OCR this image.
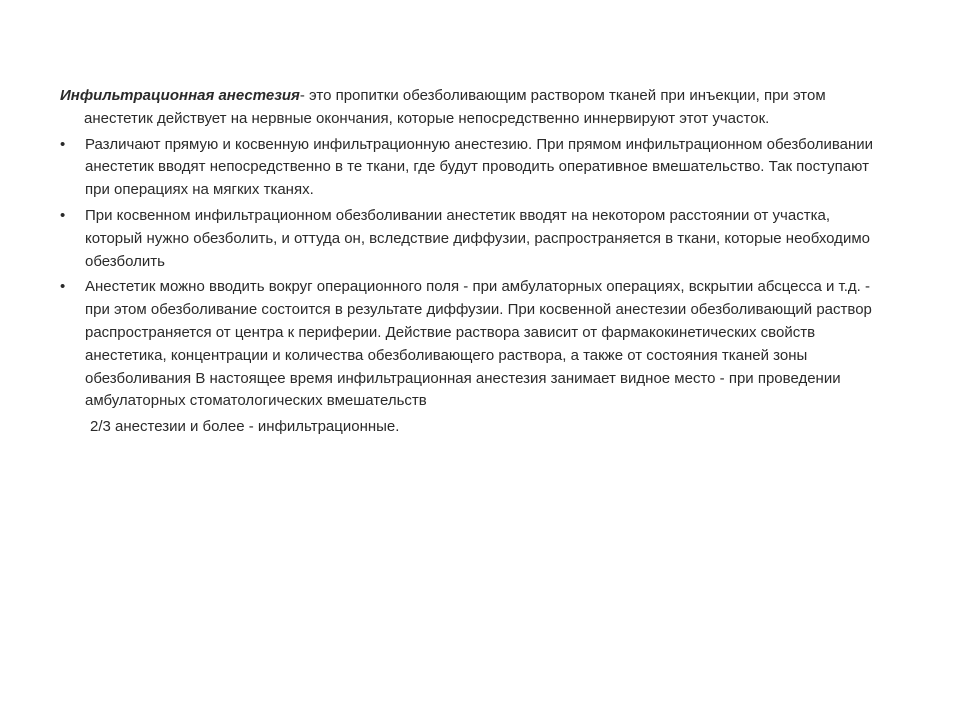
Инфильтрационная анестезия- это пропитки обезболивающим раствором тканей при инъекции, при этом анестетик действует на нервные окончания, которые непосредственно иннервируют этот участок.

•	Различают прямую и косвенную инфильтрационную анестезию. При прямом инфильтрационном обезболивании анестетик вводят непосредственно в те ткани, где будут проводить оперативное вмешательство. Так поступают при операциях на мягких тканях.
•	При косвенном инфильтрационном обезболивании анестетик вводят на некотором расстоянии от участка, который нужно обезболить, и оттуда он, вследствие диффузии, распространяется в ткани, которые необходимо обезболить
•	Анестетик можно вводить вокруг операционного поля - при амбулаторных операциях, вскрытии абсцесса и т.д. - при этом обезболивание состоится в результате диффузии. При косвенной анестезии обезболивающий раствор распространяется от центра к периферии. Действие раствора зависит от фармакокинетических свойств анестетика, концентрации и количества обезболивающего раствора, а также от состояния тканей зоны обезболивания В настоящее время инфильтрационная анестезия занимает видное место - при проведении амбулаторных стоматологических вмешательств
2/3 анестезии и более - инфильтрационные.
